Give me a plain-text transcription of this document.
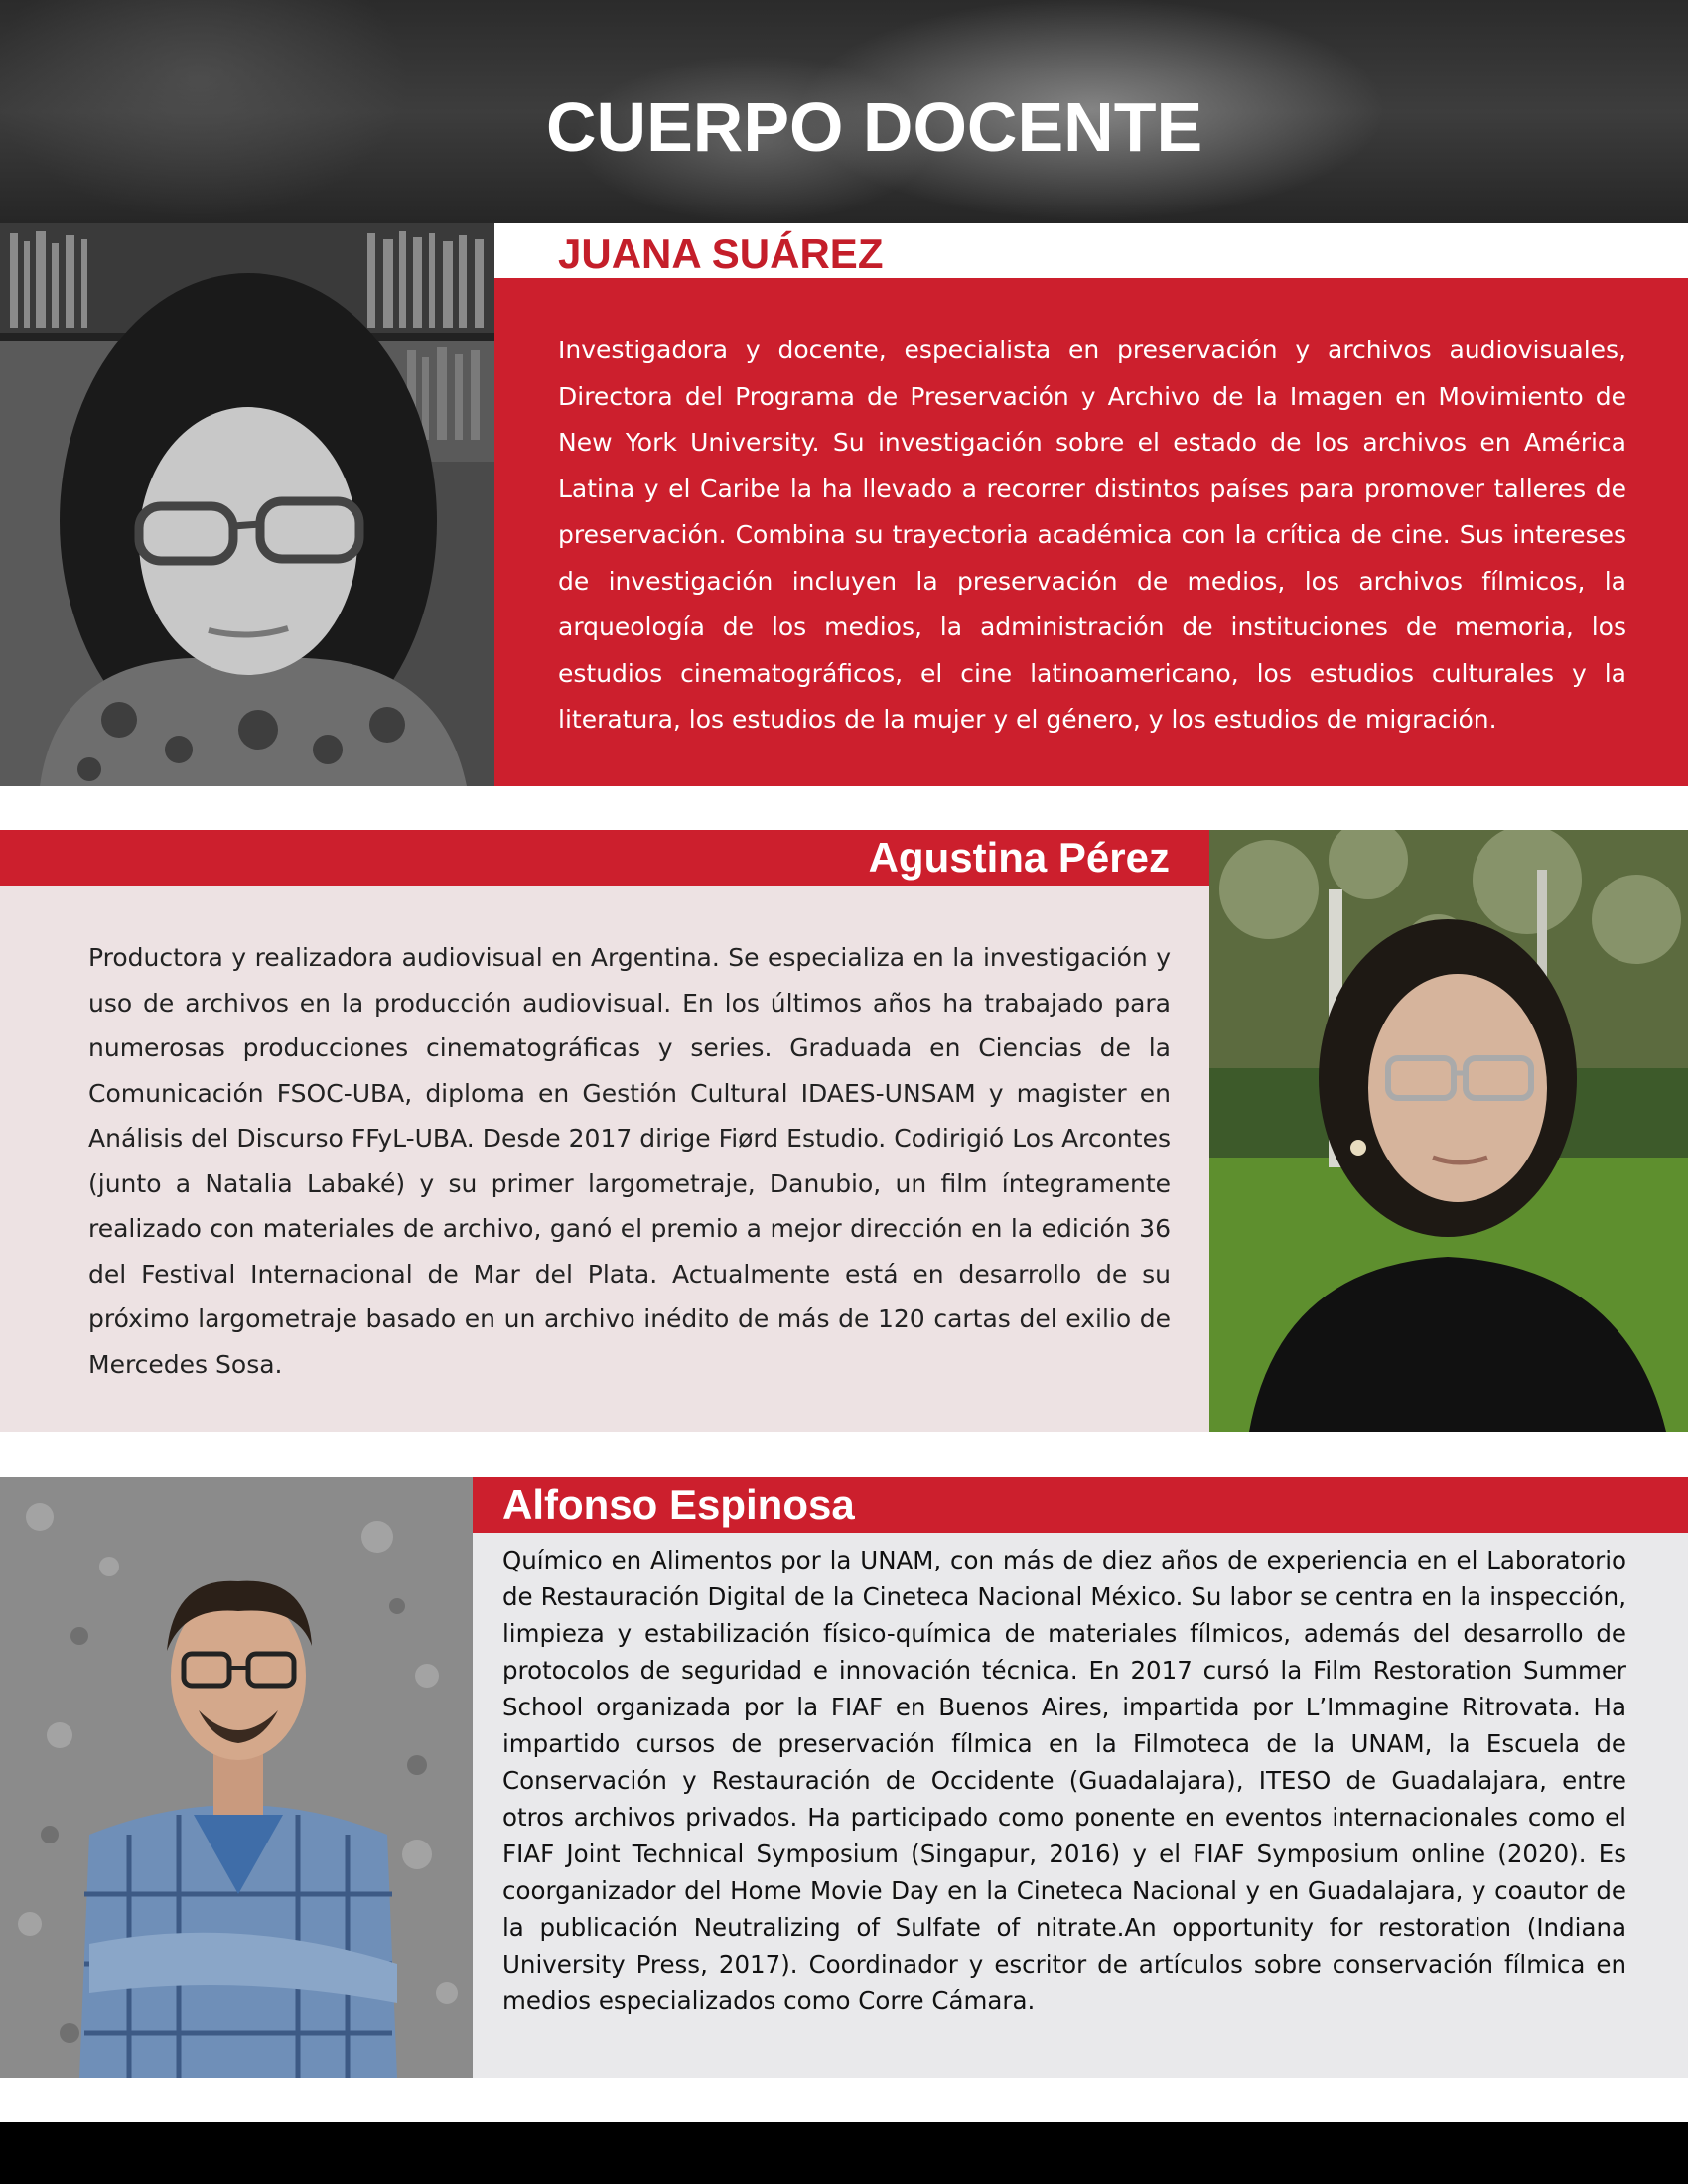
CUERPO DOCENTE
JUANA SUÁREZ

Investigadora y docente, especialista en preservación y archivos audiovisuales, Directora del Programa de Preservación y Archivo de la Imagen en Movimiento de New York University. Su investigación sobre el estado de los archivos en América Latina y el Caribe la ha llevado a recorrer distintos países para promover talleres de preservación. Combina su trayectoria académica con la crítica de cine. Sus intereses de investigación incluyen la preservación de medios, los archivos fílmicos, la arqueología de los medios, la administración de instituciones de memoria, los estudios cinematográficos, el cine latinoamericano, los estudios culturales y la literatura, los estudios de la mujer y el género, y los estudios de migración.

Agustina Pérez

Productora y realizadora audiovisual en Argentina. Se especializa en la investigación y uso de archivos en la producción audiovisual. En los últimos años ha trabajado para numerosas producciones cinematográficas y series. Graduada en Ciencias de la Comunicación FSOC-UBA, diploma en Gestión Cultural IDAES-UNSAM y magister en Análisis del Discurso FFyL-UBA. Desde 2017 dirige Fiørd Estudio. Codirigió Los Arcontes (junto a Natalia Labaké) y su primer largometraje, Danubio, un film íntegramente realizado con materiales de archivo, ganó el premio a mejor dirección en la edición 36 del Festival Internacional de Mar del Plata. Actualmente está en desarrollo de su próximo largometraje basado en un archivo inédito de más de 120 cartas del exilio de Mercedes Sosa.

Alfonso Espinosa

Químico en Alimentos por la UNAM, con más de diez años de experiencia en el Laboratorio de Restauración Digital de la Cineteca Nacional México. Su labor se centra en la inspección, limpieza y estabilización físico-química de materiales fílmicos, además del desarrollo de protocolos de seguridad e innovación técnica. En 2017 cursó la Film Restoration Summer School organizada por la FIAF en Buenos Aires, impartida por L’Immagine Ritrovata. Ha impartido cursos de preservación fílmica en la Filmoteca de la UNAM, la Escuela de Conservación y Restauración de Occidente (Guadalajara), ITESO de Guadalajara, entre otros archivos privados. Ha participado como ponente en eventos internacionales como el FIAF Joint Technical Symposium (Singapur, 2016) y el FIAF Symposium online (2020). Es coorganizador del Home Movie Day en la Cineteca Nacional y en Guadalajara, y coautor de la publicación Neutralizing of Sulfate of nitrate.An opportunity for restoration (Indiana University Press, 2017). Coordinador y escritor de artículos sobre conservación fílmica en medios especializados como Corre Cámara.
